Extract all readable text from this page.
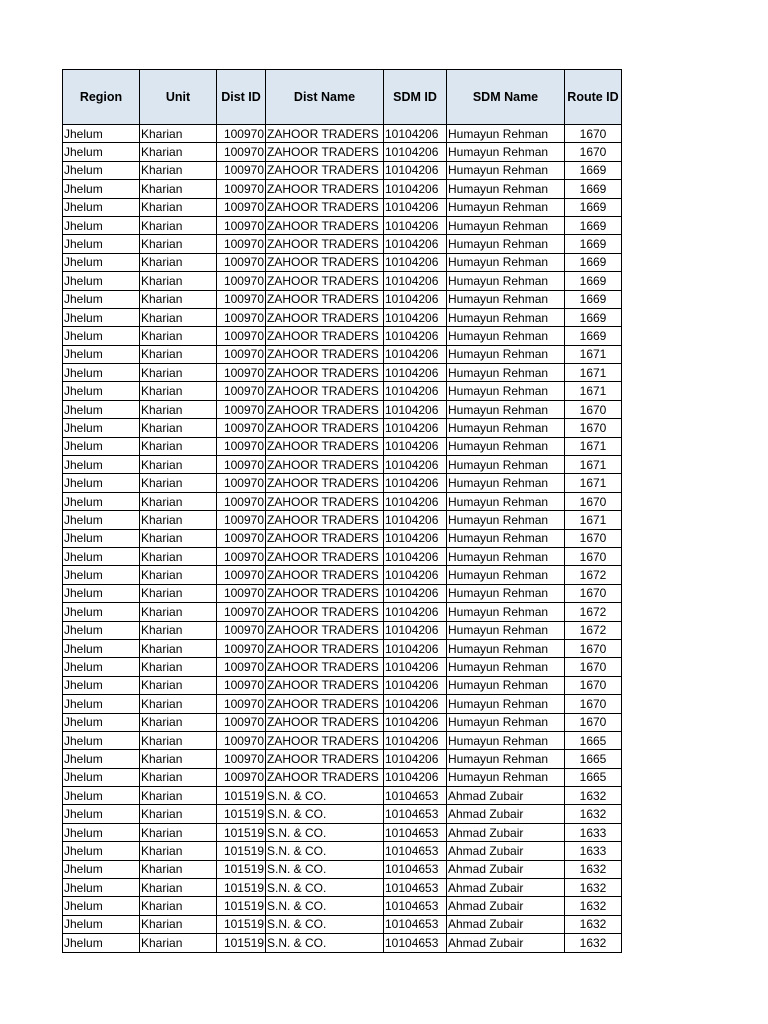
Region	Unit	Dist ID	Dist Name	SDM ID	SDM Name	Route ID
Jhelum	Kharian	100970	ZAHOOR TRADERS	10104206	Humayun Rehman	1670
Jhelum	Kharian	100970	ZAHOOR TRADERS	10104206	Humayun Rehman	1670
Jhelum	Kharian	100970	ZAHOOR TRADERS	10104206	Humayun Rehman	1669
Jhelum	Kharian	100970	ZAHOOR TRADERS	10104206	Humayun Rehman	1669
Jhelum	Kharian	100970	ZAHOOR TRADERS	10104206	Humayun Rehman	1669
Jhelum	Kharian	100970	ZAHOOR TRADERS	10104206	Humayun Rehman	1669
Jhelum	Kharian	100970	ZAHOOR TRADERS	10104206	Humayun Rehman	1669
Jhelum	Kharian	100970	ZAHOOR TRADERS	10104206	Humayun Rehman	1669
Jhelum	Kharian	100970	ZAHOOR TRADERS	10104206	Humayun Rehman	1669
Jhelum	Kharian	100970	ZAHOOR TRADERS	10104206	Humayun Rehman	1669
Jhelum	Kharian	100970	ZAHOOR TRADERS	10104206	Humayun Rehman	1669
Jhelum	Kharian	100970	ZAHOOR TRADERS	10104206	Humayun Rehman	1669
Jhelum	Kharian	100970	ZAHOOR TRADERS	10104206	Humayun Rehman	1671
Jhelum	Kharian	100970	ZAHOOR TRADERS	10104206	Humayun Rehman	1671
Jhelum	Kharian	100970	ZAHOOR TRADERS	10104206	Humayun Rehman	1671
Jhelum	Kharian	100970	ZAHOOR TRADERS	10104206	Humayun Rehman	1670
Jhelum	Kharian	100970	ZAHOOR TRADERS	10104206	Humayun Rehman	1670
Jhelum	Kharian	100970	ZAHOOR TRADERS	10104206	Humayun Rehman	1671
Jhelum	Kharian	100970	ZAHOOR TRADERS	10104206	Humayun Rehman	1671
Jhelum	Kharian	100970	ZAHOOR TRADERS	10104206	Humayun Rehman	1671
Jhelum	Kharian	100970	ZAHOOR TRADERS	10104206	Humayun Rehman	1670
Jhelum	Kharian	100970	ZAHOOR TRADERS	10104206	Humayun Rehman	1671
Jhelum	Kharian	100970	ZAHOOR TRADERS	10104206	Humayun Rehman	1670
Jhelum	Kharian	100970	ZAHOOR TRADERS	10104206	Humayun Rehman	1670
Jhelum	Kharian	100970	ZAHOOR TRADERS	10104206	Humayun Rehman	1672
Jhelum	Kharian	100970	ZAHOOR TRADERS	10104206	Humayun Rehman	1670
Jhelum	Kharian	100970	ZAHOOR TRADERS	10104206	Humayun Rehman	1672
Jhelum	Kharian	100970	ZAHOOR TRADERS	10104206	Humayun Rehman	1672
Jhelum	Kharian	100970	ZAHOOR TRADERS	10104206	Humayun Rehman	1670
Jhelum	Kharian	100970	ZAHOOR TRADERS	10104206	Humayun Rehman	1670
Jhelum	Kharian	100970	ZAHOOR TRADERS	10104206	Humayun Rehman	1670
Jhelum	Kharian	100970	ZAHOOR TRADERS	10104206	Humayun Rehman	1670
Jhelum	Kharian	100970	ZAHOOR TRADERS	10104206	Humayun Rehman	1670
Jhelum	Kharian	100970	ZAHOOR TRADERS	10104206	Humayun Rehman	1665
Jhelum	Kharian	100970	ZAHOOR TRADERS	10104206	Humayun Rehman	1665
Jhelum	Kharian	100970	ZAHOOR TRADERS	10104206	Humayun Rehman	1665
Jhelum	Kharian	101519	S.N. & CO.	10104653	Ahmad Zubair	1632
Jhelum	Kharian	101519	S.N. & CO.	10104653	Ahmad Zubair	1632
Jhelum	Kharian	101519	S.N. & CO.	10104653	Ahmad Zubair	1633
Jhelum	Kharian	101519	S.N. & CO.	10104653	Ahmad Zubair	1633
Jhelum	Kharian	101519	S.N. & CO.	10104653	Ahmad Zubair	1632
Jhelum	Kharian	101519	S.N. & CO.	10104653	Ahmad Zubair	1632
Jhelum	Kharian	101519	S.N. & CO.	10104653	Ahmad Zubair	1632
Jhelum	Kharian	101519	S.N. & CO.	10104653	Ahmad Zubair	1632
Jhelum	Kharian	101519	S.N. & CO.	10104653	Ahmad Zubair	1632
